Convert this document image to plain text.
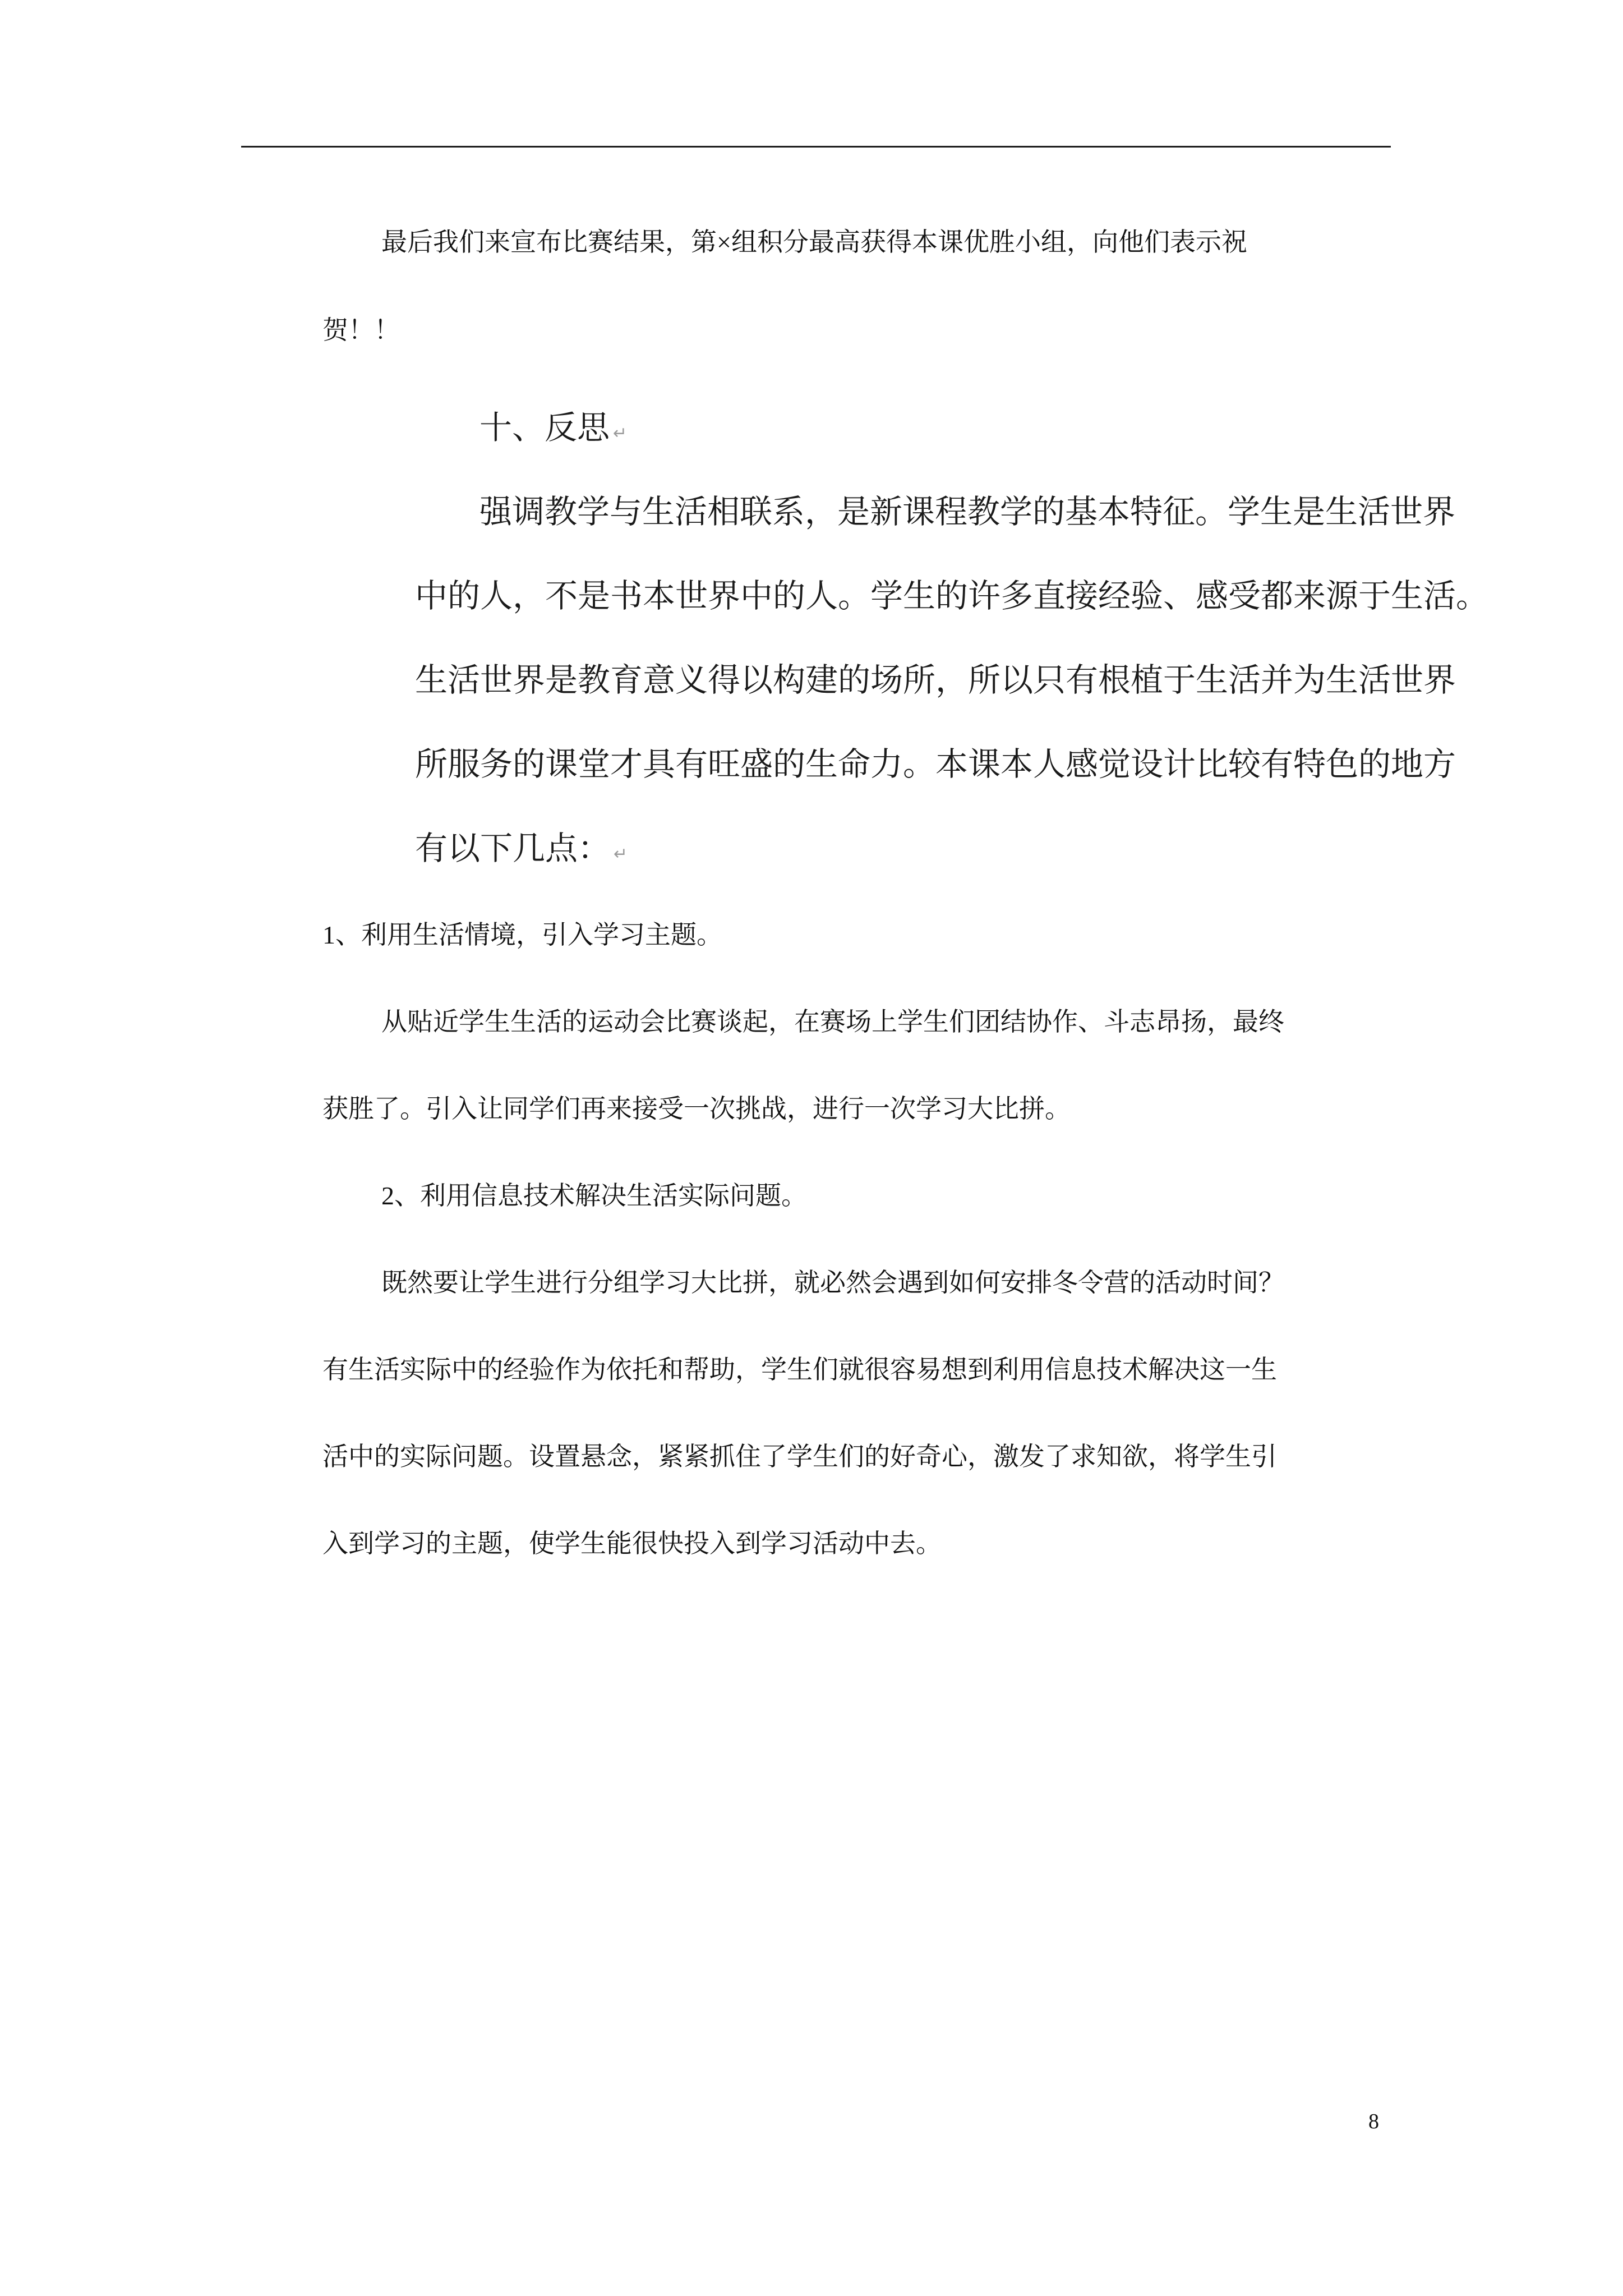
最后我们来宣布比赛结果，第×组积分最高获得本课优胜小组，向他们表示祝
贺！！
十、反思 ↵
强调教学与生活相联系，是新课程教学的基本特征。学生是生活世界
中的人，不是书本世界中的人。学生的许多直接经验、感受都来源于生活。
生活世界是教育意义得以构建的场所，所以只有根植于生活并为生活世界
所服务的课堂才具有旺盛的生命力。本课本人感觉设计比较有特色的地方
有以下几点： ↵
1、利用生活情境，引入学习主题。
从贴近学生生活的运动会比赛谈起，在赛场上学生们团结协作、斗志昂扬，最终
获胜了。引入让同学们再来接受一次挑战，进行一次学习大比拼。
2、利用信息技术解决生活实际问题。
既然要让学生进行分组学习大比拼，就必然会遇到如何安排冬令营的活动时间？
有生活实际中的经验作为依托和帮助，学生们就很容易想到利用信息技术解决这一生
活中的实际问题。设置悬念，紧紧抓住了学生们的好奇心，激发了求知欲，将学生引
入到学习的主题，使学生能很快投入到学习活动中去。
8
